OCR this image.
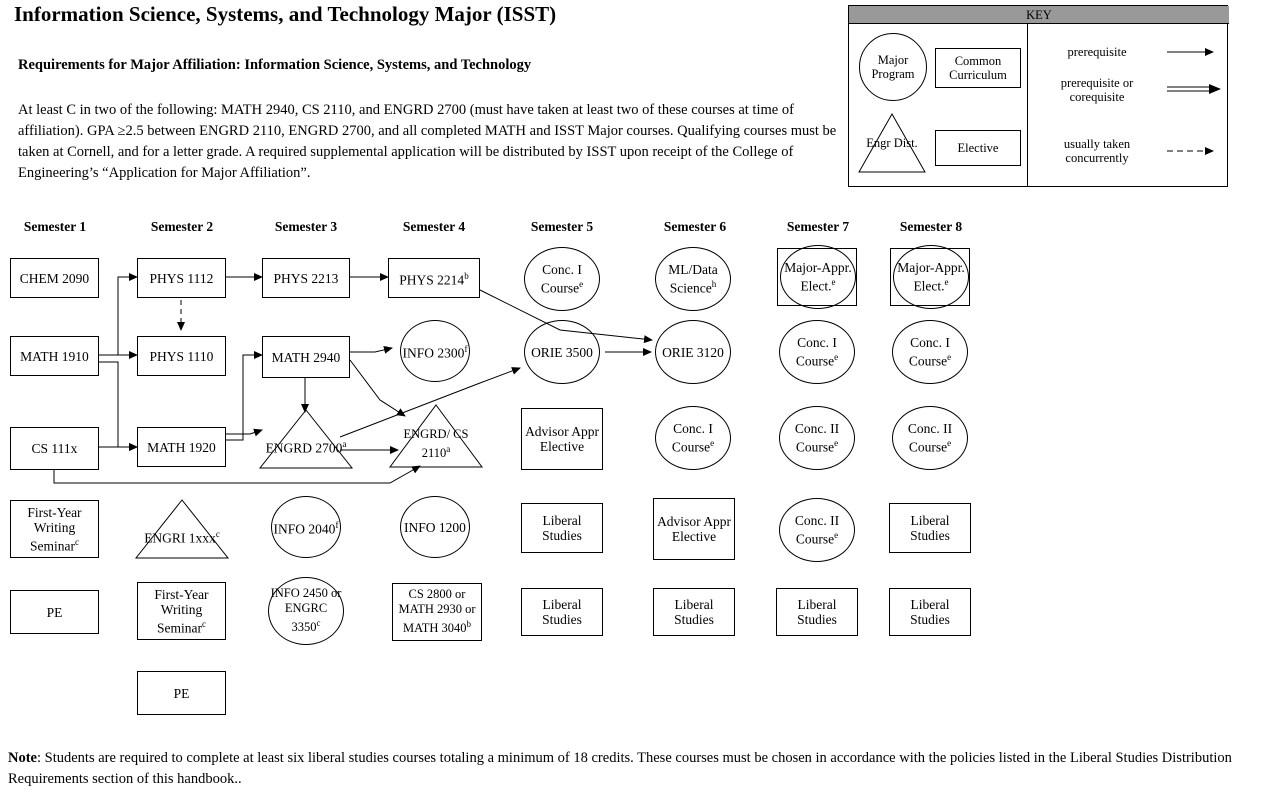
Information Science, Systems, and Technology Major (ISST)
Requirements for Major Affiliation: Information Science, Systems, and Technology
At least C in two of the following: MATH 2940, CS 2110, and ENGRD 2700 (must have taken at least two of these courses at time of affiliation). GPA ≥2.5 between ENGRD 2110, ENGRD 2700, and all completed MATH and ISST Major courses. Qualifying courses must be taken at Cornell, and for a letter grade. A required supplemental application will be distributed by ISST upon receipt of the College of Engineering’s “Application for Major Affiliation”.
KEY
Major Program
Common Curriculum
Engr Dist.	Elective
prerequisite
prerequisite or corequisite
usually taken concurrently
Semester 1	Semester 2	Semester 3	Semester 4	Semester 5	Semester 6	Semester 7	Semester 8
CHEM 2090
MATH 1910
CS 111x
First-Year Writing Seminar$^c$
PE
PHYS 1112
PHYS 1110
MATH 1920
ENGRI 1xxx$^c$
First-Year Writing Seminar$^c$
PE
PHYS 2213
MATH 2940
ENGRD 2700$^a$
INFO 2040$^f$
INFO 2450 or ENGRC 3350$^c$
PHYS 2214$^b$
INFO 2300$^f$
ENGRD/ CS 2110$^a$
INFO 1200
CS 2800 or MATH 2930 or MATH 3040$^b$
Conc. I Course$^e$
ORIE 3500
Advisor Appr Elective
Liberal Studies
Liberal Studies
ML/Data Science$^h$
ORIE 3120
Conc. I Course$^e$
Advisor Appr Elective
Liberal Studies
Major-Appr. Elect.$^e$
Conc. I Course$^e$
Conc. II Course$^e$
Conc. II Course$^e$
Liberal Studies
Major-Appr. Elect.$^e$
Conc. I Course$^e$
Conc. II Course$^e$
Liberal Studies
Liberal Studies
Note: Students are required to complete at least six liberal studies courses totaling a minimum of 18 credits. These courses must be chosen in accordance with the policies listed in the Liberal Studies Distribution Requirements section of this handbook..
